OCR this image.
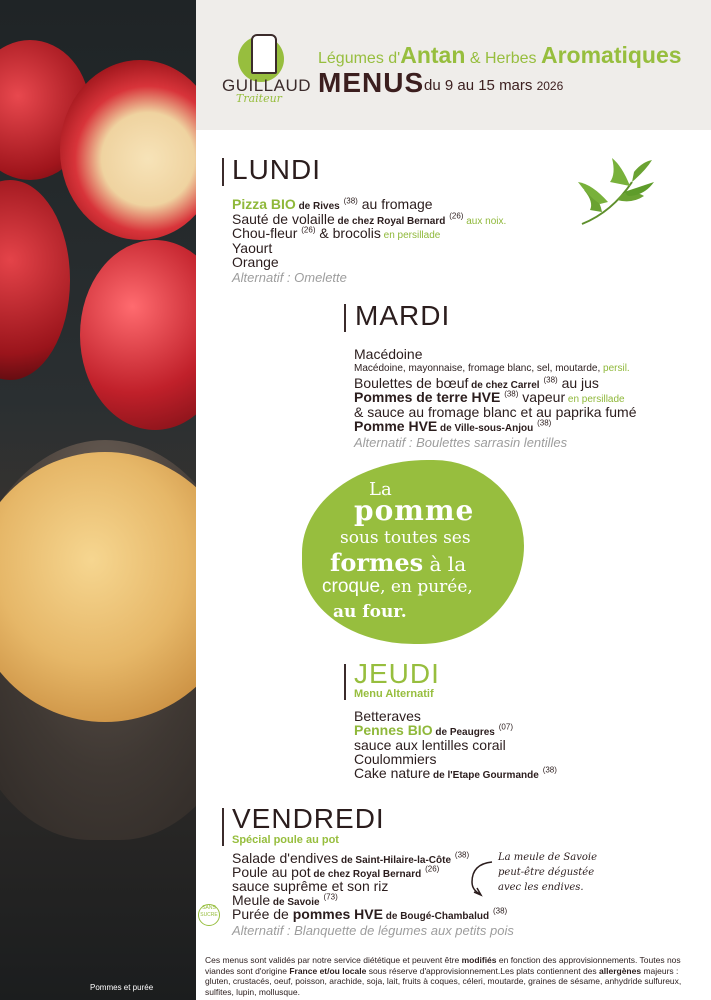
Pommes et purée
GUILLAUD
Traiteur
Légumes d'Antan & Herbes Aromatiques
MENUS du 9 au 15 mars 2026
LUNDI
Pizza BIO de Rives $^{(38)}$ au fromage
Sauté de volaille de chez Royal Bernard $^{(26)}$ aux noix.
Chou-fleur $^{(26)}$ & brocolis en persillade
Yaourt
Orange
Alternatif : Omelette
MARDI
Macédoine
Macédoine, mayonnaise, fromage blanc, sel, moutarde, persil.
Boulettes de bœuf de chez Carrel $^{(38)}$ au jus
Pommes de terre HVE $^{(38)}$ vapeur en persillade
& sauce au fromage blanc et au paprika fumé
Pomme HVE de Ville-sous-Anjou $^{(38)}$
Alternatif : Boulettes sarrasin lentilles
La
pomme
sous toutes ses
formes à la
croque, en purée,
au four.
JEUDI
Menu Alternatif
Betteraves
Pennes BIO de Peaugres $^{(07)}$
sauce aux lentilles corail
Coulommiers
Cake nature de l'Etape Gourmande $^{(38)}$
VENDREDI
Spécial poule au pot
Salade d'endives de Saint-Hilaire-la-Côte $^{(38)}$
Poule au pot de chez Royal Bernard $^{(26)}$
sauce suprême et son riz
Meule de Savoie $^{(73)}$
Purée de pommes HVE de Bougé-Chambalud $^{(38)}$
Alternatif : Blanquette de légumes aux petits pois
SANS SUCRE
La meule de Savoie
peut-être dégustée
avec les endives.
Ces menus sont validés par notre service diététique et peuvent être modifiés en fonction des approvisionnements. Toutes nos viandes sont d'origine France et/ou locale sous réserve d'approvisionnement.Les plats contiennent des allergènes majeurs : gluten, crustacés, oeuf, poisson, arachide, soja, lait, fruits à coques, céleri, moutarde, graines de sésame, anhydride sulfureux, sulfites, lupin, mollusque.
